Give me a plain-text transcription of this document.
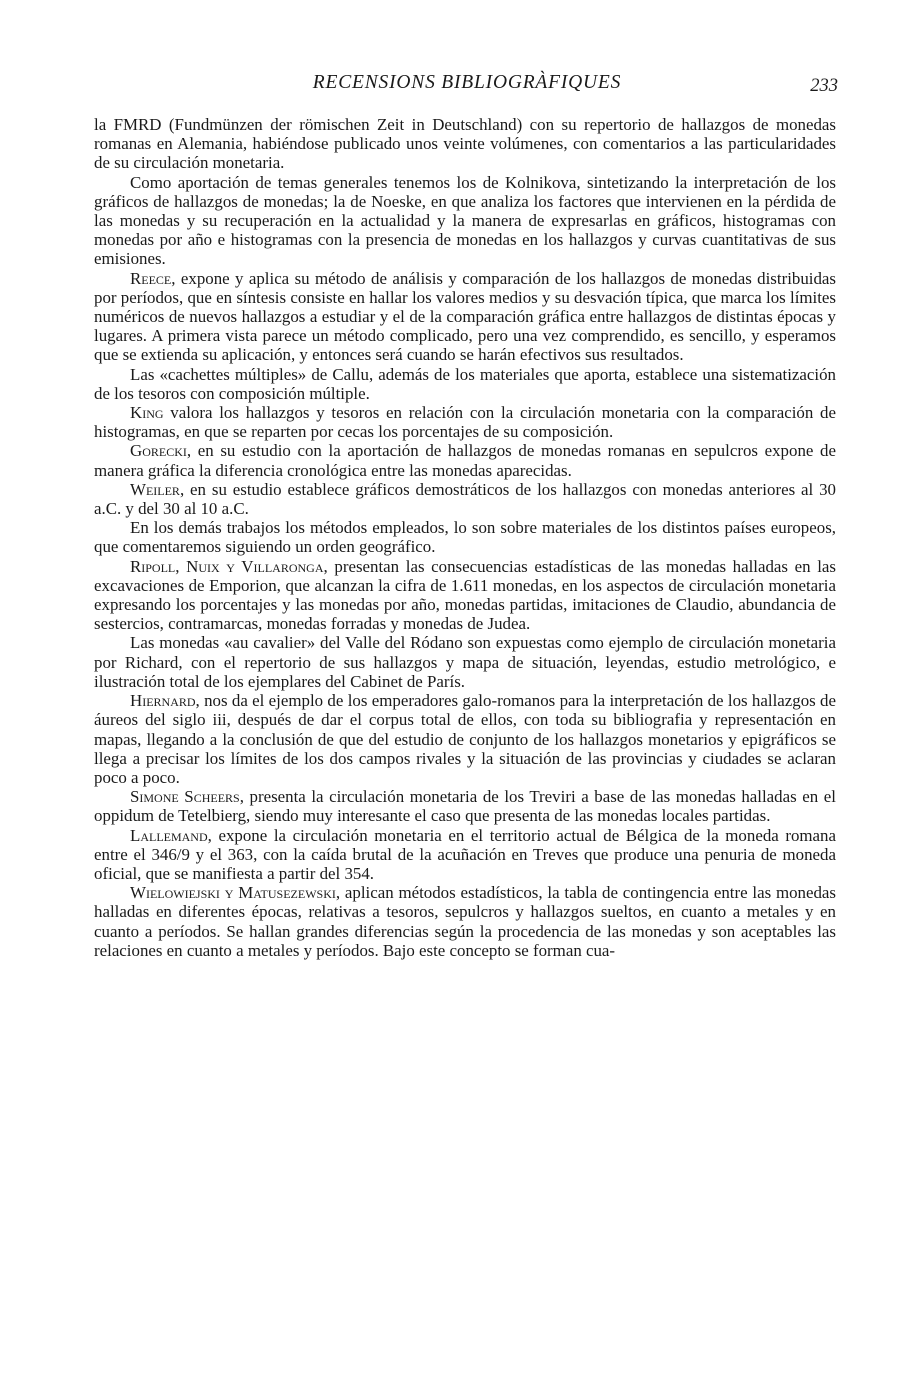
RECENSIONS BIBLIOGRÀFIQUES	233

la FMRD (Fundmünzen der römischen Zeit in Deutschland) con su repertorio de hallazgos de monedas romanas en Alemania, habiéndose publicado unos veinte volúmenes, con comentarios a las particularidades de su circulación monetaria.

Como aportación de temas generales tenemos los de Kolnikova, sintetizando la interpretación de los gráficos de hallazgos de monedas; la de Noeske, en que analiza los factores que intervienen en la pérdida de las monedas y su recuperación en la actualidad y la manera de expresarlas en gráficos, histogramas con monedas por año e histogramas con la presencia de monedas en los hallazgos y curvas cuantitativas de sus emisiones.

Reece, expone y aplica su método de análisis y comparación de los hallazgos de monedas distribuidas por períodos, que en síntesis consiste en hallar los valores medios y su desvación típica, que marca los límites numéricos de nuevos hallazgos a estudiar y el de la comparación gráfica entre hallazgos de distintas épocas y lugares. A primera vista parece un método complicado, pero una vez comprendido, es sencillo, y esperamos que se extienda su aplicación, y entonces será cuando se harán efectivos sus resultados.

Las «cachettes múltiples» de Callu, además de los materiales que aporta, establece una sistematización de los tesoros con composición múltiple.

King valora los hallazgos y tesoros en relación con la circulación monetaria con la comparación de histogramas, en que se reparten por cecas los porcentajes de su composición.

Gorecki, en su estudio con la aportación de hallazgos de monedas romanas en sepulcros expone de manera gráfica la diferencia cronológica entre las monedas aparecidas.

Weiler, en su estudio establece gráficos demostráticos de los hallazgos con monedas anteriores al 30 a.C. y del 30 al 10 a.C.

En los demás trabajos los métodos empleados, lo son sobre materiales de los distintos países europeos, que comentaremos siguiendo un orden geográfico.

Ripoll, Nuix y Villaronga, presentan las consecuencias estadísticas de las monedas halladas en las excavaciones de Emporion, que alcanzan la cifra de 1.611 monedas, en los aspectos de circulación monetaria expresando los porcentajes y las monedas por año, monedas partidas, imitaciones de Claudio, abundancia de sestercios, contramarcas, monedas forradas y monedas de Judea.

Las monedas «au cavalier» del Valle del Ródano son expuestas como ejemplo de circulación monetaria por Richard, con el repertorio de sus hallazgos y mapa de situación, leyendas, estudio metrológico, e ilustración total de los ejemplares del Cabinet de París.

Hiernard, nos da el ejemplo de los emperadores galo-romanos para la interpretación de los hallazgos de áureos del siglo iii, después de dar el corpus total de ellos, con toda su bibliografia y representación en mapas, llegando a la conclusión de que del estudio de conjunto de los hallazgos monetarios y epigráficos se llega a precisar los límites de los dos campos rivales y la situación de las provincias y ciudades se aclaran poco a poco.

Simone Scheers, presenta la circulación monetaria de los Treviri a base de las monedas halladas en el oppidum de Tetelbierg, siendo muy interesante el caso que presenta de las monedas locales partidas.

Lallemand, expone la circulación monetaria en el territorio actual de Bélgica de la moneda romana entre el 346/9 y el 363, con la caída brutal de la acuñación en Treves que produce una penuria de moneda oficial, que se manifiesta a partir del 354.

Wielowiejski y Matusezewski, aplican métodos estadísticos, la tabla de contingencia entre las monedas halladas en diferentes épocas, relativas a tesoros, sepulcros y hallazgos sueltos, en cuanto a metales y en cuanto a períodos. Se hallan grandes diferencias según la procedencia de las monedas y son aceptables las relaciones en cuanto a metales y períodos. Bajo este concepto se forman cua-
